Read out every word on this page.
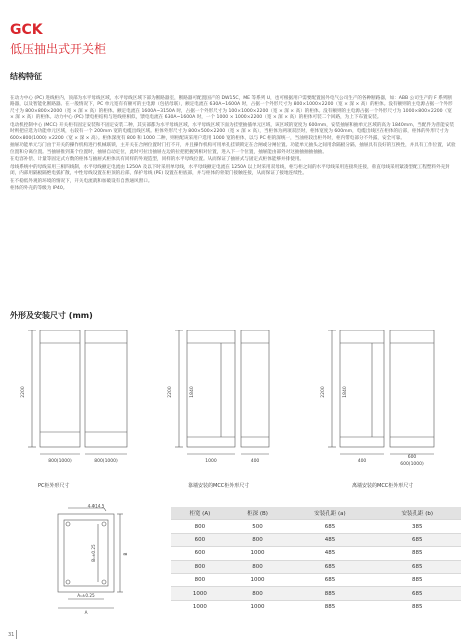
GCK
低压抽出式开关柜
结构特征

在动力中心 (PC) 进线柜内，顶部为水平母线区域，水平母线区域下部为断路器室，断路器可配置国产的 DW15C，ME 等系列 U，也可根据用户需要配置国外电气公司生产的各种断路器，如：ABB 公司生产的 F 系列断路器，以及智能化断路器。在一般情况下，PC 单元宽有有额可的主电源（包括母联），额定电流在 630A~1600A 时，占据一个外形尺寸为 800×1000×2200（宽 × 深 × 高）的柜体。没有额则的主电源占据一个外形尺寸为 800×800×2000（宽 × 深 × 高）的柜体。额定电流在 1600A~3150A 时，占据一个外形尺寸为 100×1000×2200（宽 × 深 × 高）的柜体。没有额则的主电源占据一个外形尺寸为 1000×800×2200（宽 × 深 × 高）的柜体。动力中心 (PC) 馈电柜结构与进线柜相似，馈电电流在 630A~1600A 时，一个 1000 × 1000×2200（宽 × 深 × 高）的柜体可装二个回路，为上下布置安装。

电动机控制中心 (MCC) 开关柜有固定安装和不固定安装二种，其实部都为水平母线区域，水平母线区域下面为挂壁抽插单元区域，该区域的宽度为 600mm，安装抽屉和抽单元区域的高为 1840mm，当配件为普能安装时则把应选为功能单元区域，右较有一个 200mm 宽的电缆出线区域。柜体外形尺寸为 800×500×2200（宽 × 深 × 高），当柜体为两项双层时，柜体宽度为 600mm，电缆出线区在柜体的后部，柜体的外形尺寸为 600×800(1000) ×2200（宽 × 深 × 高）。柜体深度有 800 和 1000 二种，则柜配该采用户选用 1000 宽的柜体，以与 PC 柜的深统一，当油柜较出柜外时，柜内带电部分不外露，安全可靠。

抽屉功能单元与门由于开关的操作机构进行机械联锁，主开关在合闸位置时门打不开，并且操作机构可用单孔挂锁锁定在合闸或分闸位置。功能单元抽头之间用余隔板分隔，抽屉具有良好的互换性，并具有工作位置，试验位置和分离位置。当抽屉推到某个位置时，抽屉自动定位，此时可拉出抽屉左边的拉把把握到相对位置，进入下一个位置，抽屉能由部外对这抽抽抽抽抽抽。

在电容补偿、计量等固定式方数的柜体与抽屉式柜体具有同样的外观造型，同样的水平母线位置。从而保证了抽屉式与固定式柜体能够并排使用。

母线系统中的母线采用三相四线制，水平母线额定电流由 1250A 及以下时采用单母线，水平母线额定电流在 1250A 以上时采用双母线，柜与柜之间的水平母线采用连接块连接，垂直母线采用紧凑型配工程塑料外壳封闭，内部用隔板隔绝电弧扩散，中性母线设置在柜顶的后部，保护母线 (PE) 设置在柜底部，并与柜体的骨架门接触连接，从而保证了接地连续性。

在不稳低外观的环境的情况下，开关电流就和加破设有自然通风窗口。

柜体的外壳的等级为 IP40。

外形及安装尺寸 (mm)
2200
800(1000)	800(1000)
PC柜外形尺寸
2200	1840
1000	400
靠墙安装的MCC柜外形尺寸
2200	1840
400
600
600(1000)
离墙安装的MCC柜外形尺寸
4-Φ14.5
B
B₁±0.25
A₁±0.25
A
柜宽 (A)	柜深 (B)	安装孔距 (a)	安装孔距 (b)
800	500	685	385
600	800	485	685
600	1000	485	885
800	800	685	685
800	1000	685	885
1000	800	885	685
1000	1000	885	885
31
